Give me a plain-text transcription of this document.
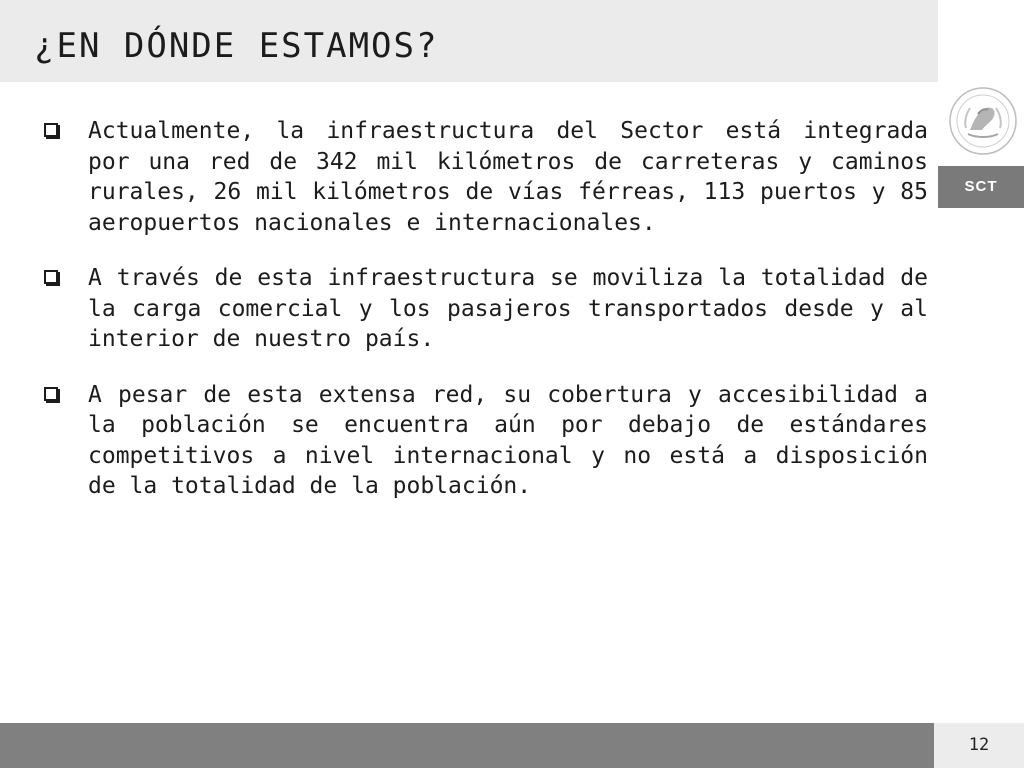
¿EN DÓNDE ESTAMOS?
SCT

Actualmente, la infraestructura del Sector está integrada por una red de 342 mil kilómetros de carreteras y caminos rurales, 26 mil kilómetros de vías férreas, 113 puertos y 85 aeropuertos nacionales e internacionales.

A través de esta infraestructura se moviliza la totalidad de la carga comercial y los pasajeros transportados desde y al interior de nuestro país.

A pesar de esta extensa red, su cobertura y accesibilidad a la población se encuentra aún por debajo de estándares competitivos a nivel internacional y no está a disposición de la totalidad de la población.

12
